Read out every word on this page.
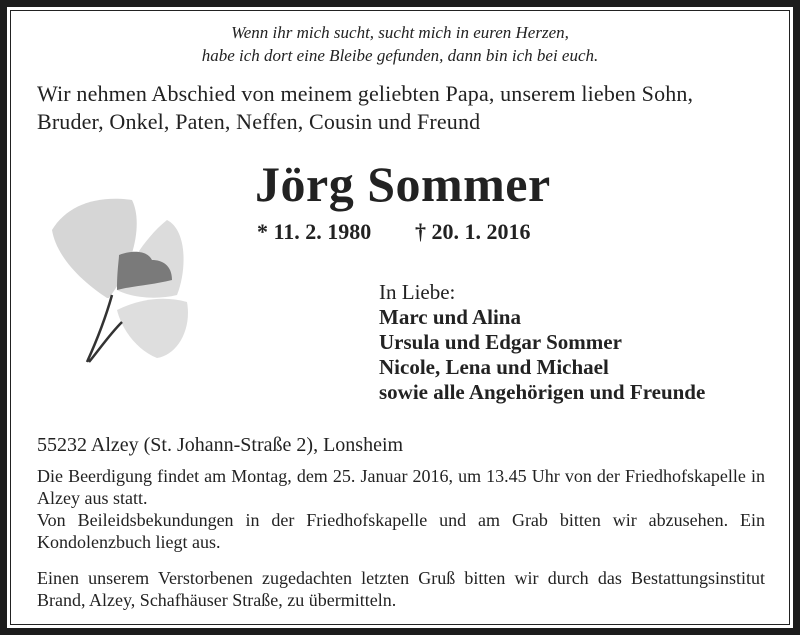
Wenn ihr mich sucht, sucht mich in euren Herzen,
habe ich dort eine Bleibe gefunden, dann bin ich bei euch.
Wir nehmen Abschied von meinem geliebten Papa, unserem lieben Sohn,
Bruder, Onkel, Paten, Neffen, Cousin und Freund
Jörg Sommer
* 11. 2. 1980 † 20. 1. 2016
In Liebe:
Marc und Alina
Ursula und Edgar Sommer
Nicole, Lena und Michael
sowie alle Angehörigen und Freunde
55232 Alzey (St. Johann-Straße 2), Lonsheim
Die Beerdigung findet am Montag, dem 25. Januar 2016, um 13.45 Uhr von der Friedhofskapelle in Alzey aus statt.
Von Beileidsbekundungen in der Friedhofskapelle und am Grab bitten wir abzusehen. Ein Kondolenzbuch liegt aus.
Einen unserem Verstorbenen zugedachten letzten Gruß bitten wir durch das Bestattungsinstitut Brand, Alzey, Schafhäuser Straße, zu übermitteln.
